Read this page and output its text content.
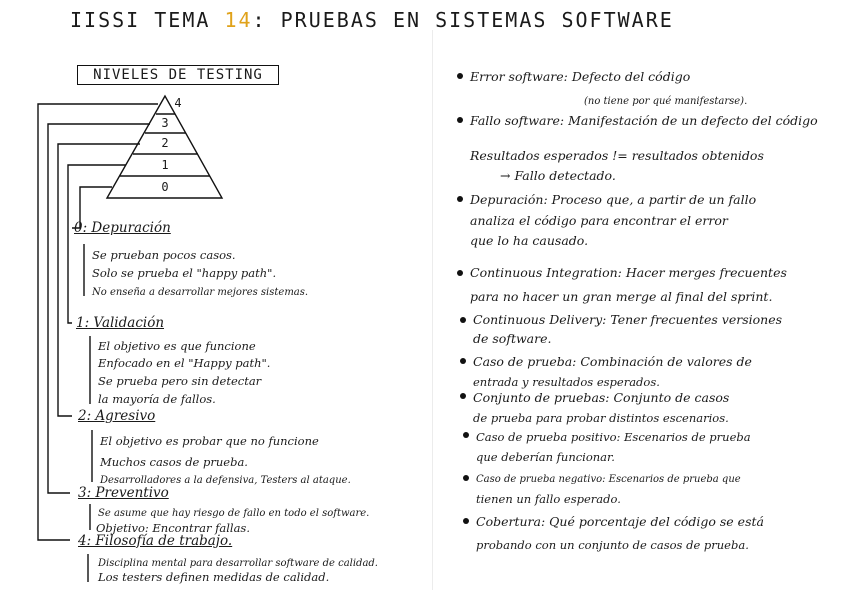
IISSI TEMA 14: PRUEBAS EN SISTEMAS SOFTWARE
NIVELES DE TESTING
4
3
2
1
0
0: Depuración
Se prueban pocos casos.
Solo se prueba el "happy path".
No enseña a desarrollar mejores sistemas.
1: Validación
El objetivo es que funcione
Enfocado en el "Happy path".
Se prueba pero sin detectar
la mayoría de fallos.
2: Agresivo
El objetivo es probar que no funcione
Muchos casos de prueba.
Desarrolladores a la defensiva, Testers al ataque.
3: Preventivo
Se asume que hay riesgo de fallo en todo el software.
Objetivo: Encontrar fallas.
4: Filosofía de trabajo.
Disciplina mental para desarrollar software de calidad.
Los testers definen medidas de calidad.
Error software: Defecto del código
(no tiene por qué manifestarse).
Fallo software: Manifestación de un defecto del código
Resultados esperados != resultados obtenidos
→ Fallo detectado.
Depuración: Proceso que, a partir de un fallo
analiza el código para encontrar el error
que lo ha causado.
Continuous Integration: Hacer merges frecuentes
para no hacer un gran merge al final del sprint.
Continuous Delivery: Tener frecuentes versiones
de software.
Caso de prueba: Combinación de valores de
entrada y resultados esperados.
Conjunto de pruebas: Conjunto de casos
de prueba para probar distintos escenarios.
Caso de prueba positivo: Escenarios de prueba
que deberían funcionar.
Caso de prueba negativo: Escenarios de prueba que
tienen un fallo esperado.
Cobertura: Qué porcentaje del código se está
probando con un conjunto de casos de prueba.
